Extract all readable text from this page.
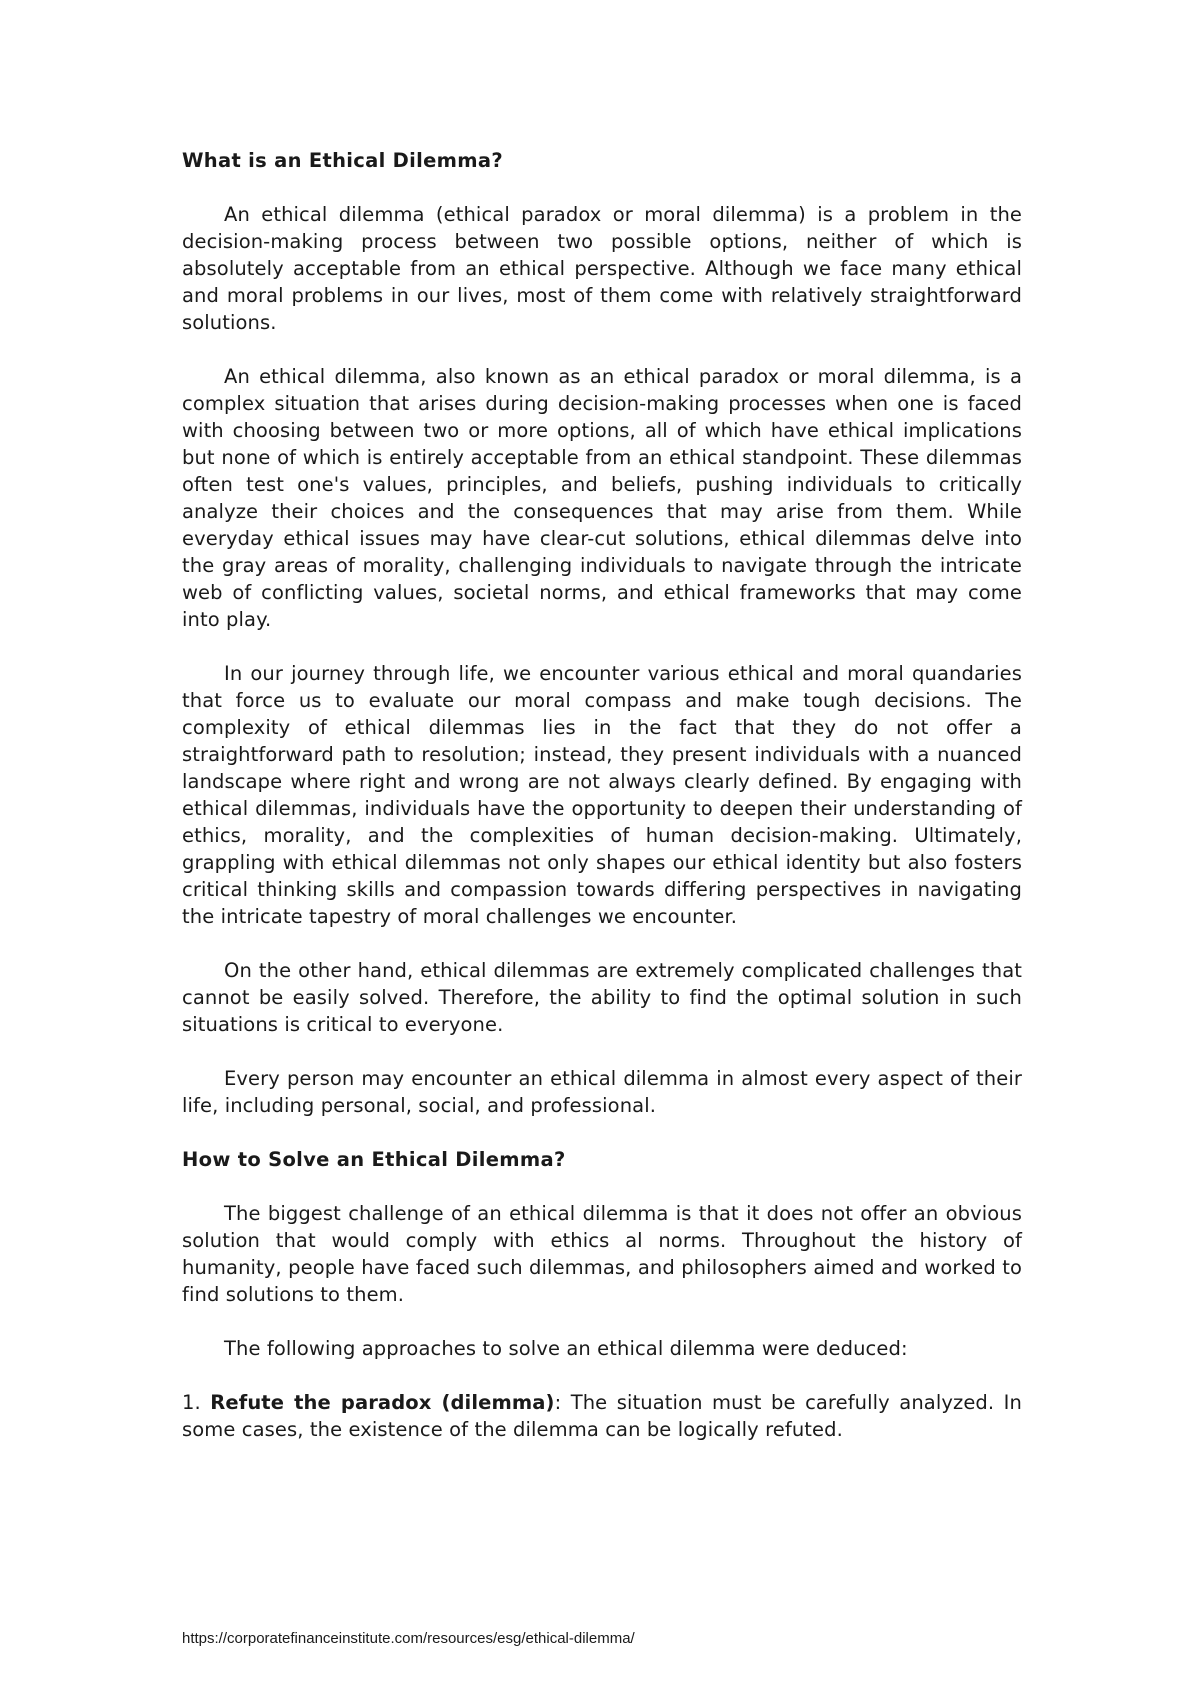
What is an Ethical Dilemma?

An ethical dilemma (ethical paradox or moral dilemma) is a problem in the decision-making process between two possible options, neither of which is absolutely acceptable from an ethical perspective. Although we face many ethical and moral problems in our lives, most of them come with relatively straightforward solutions.

An ethical dilemma, also known as an ethical paradox or moral dilemma, is a complex situation that arises during decision-making processes when one is faced with choosing between two or more options, all of which have ethical implications but none of which is entirely acceptable from an ethical standpoint. These dilemmas often test one's values, principles, and beliefs, pushing individuals to critically analyze their choices and the consequences that may arise from them. While everyday ethical issues may have clear-cut solutions, ethical dilemmas delve into the gray areas of morality, challenging individuals to navigate through the intricate web of conflicting values, societal norms, and ethical frameworks that may come into play.

In our journey through life, we encounter various ethical and moral quandaries that force us to evaluate our moral compass and make tough decisions. The complexity of ethical dilemmas lies in the fact that they do not offer a straightforward path to resolution; instead, they present individuals with a nuanced landscape where right and wrong are not always clearly defined. By engaging with ethical dilemmas, individuals have the opportunity to deepen their understanding of ethics, morality, and the complexities of human decision-making. Ultimately, grappling with ethical dilemmas not only shapes our ethical identity but also fosters critical thinking skills and compassion towards differing perspectives in navigating the intricate tapestry of moral challenges we encounter.

On the other hand, ethical dilemmas are extremely complicated challenges that cannot be easily solved. Therefore, the ability to find the optimal solution in such situations is critical to everyone.

Every person may encounter an ethical dilemma in almost every aspect of their life, including personal, social, and professional.

How to Solve an Ethical Dilemma?

The biggest challenge of an ethical dilemma is that it does not offer an obvious solution that would comply with ethics al norms. Throughout the history of humanity, people have faced such dilemmas, and philosophers aimed and worked to find solutions to them.

The following approaches to solve an ethical dilemma were deduced:

1. Refute the paradox (dilemma): The situation must be carefully analyzed. In some cases, the existence of the dilemma can be logically refuted.

https://corporatefinanceinstitute.com/resources/esg/ethical-dilemma/
